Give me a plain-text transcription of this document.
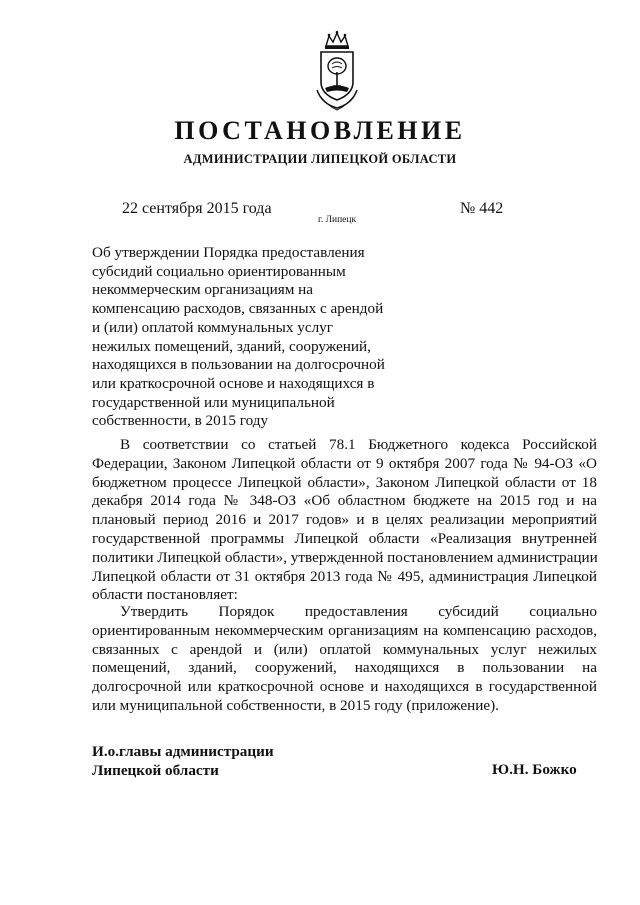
ПОСТАНОВЛЕНИЕ
АДМИНИСТРАЦИИ ЛИПЕЦКОЙ ОБЛАСТИ
22 сентября 2015 года
г. Липецк
№ 442
Об утверждении Порядка предоставления
субсидий социально ориентированным
некоммерческим организациям на
компенсацию расходов, связанных с арендой
и (или) оплатой коммунальных услуг
нежилых помещений, зданий, сооружений,
находящихся в пользовании на долгосрочной
или краткосрочной основе и находящихся в
государственной или муниципальной
собственности, в 2015 году
В соответствии со статьей 78.1 Бюджетного кодекса Российской
Федерации, Законом Липецкой области от 9 октября 2007 года № 94-ОЗ «О
бюджетном процессе Липецкой области», Законом Липецкой области от 18
декабря 2014 года № 348-ОЗ «Об областном бюджете на 2015 год и на
плановый период 2016 и 2017 годов» и в целях реализации мероприятий
государственной программы Липецкой области «Реализация внутренней
политики Липецкой области», утвержденной постановлением администрации
Липецкой области от 31 октября 2013 года № 495, администрация Липецкой
области постановляет:
Утвердить Порядок предоставления субсидий социально
ориентированным некоммерческим организациям на компенсацию расходов,
связанных с арендой и (или) оплатой коммунальных услуг нежилых
помещений, зданий, сооружений, находящихся в пользовании на
долгосрочной или краткосрочной основе и находящихся в государственной
или муниципальной собственности, в 2015 году (приложение).
И.о.главы администрации
Липецкой области	Ю.Н. Божко
